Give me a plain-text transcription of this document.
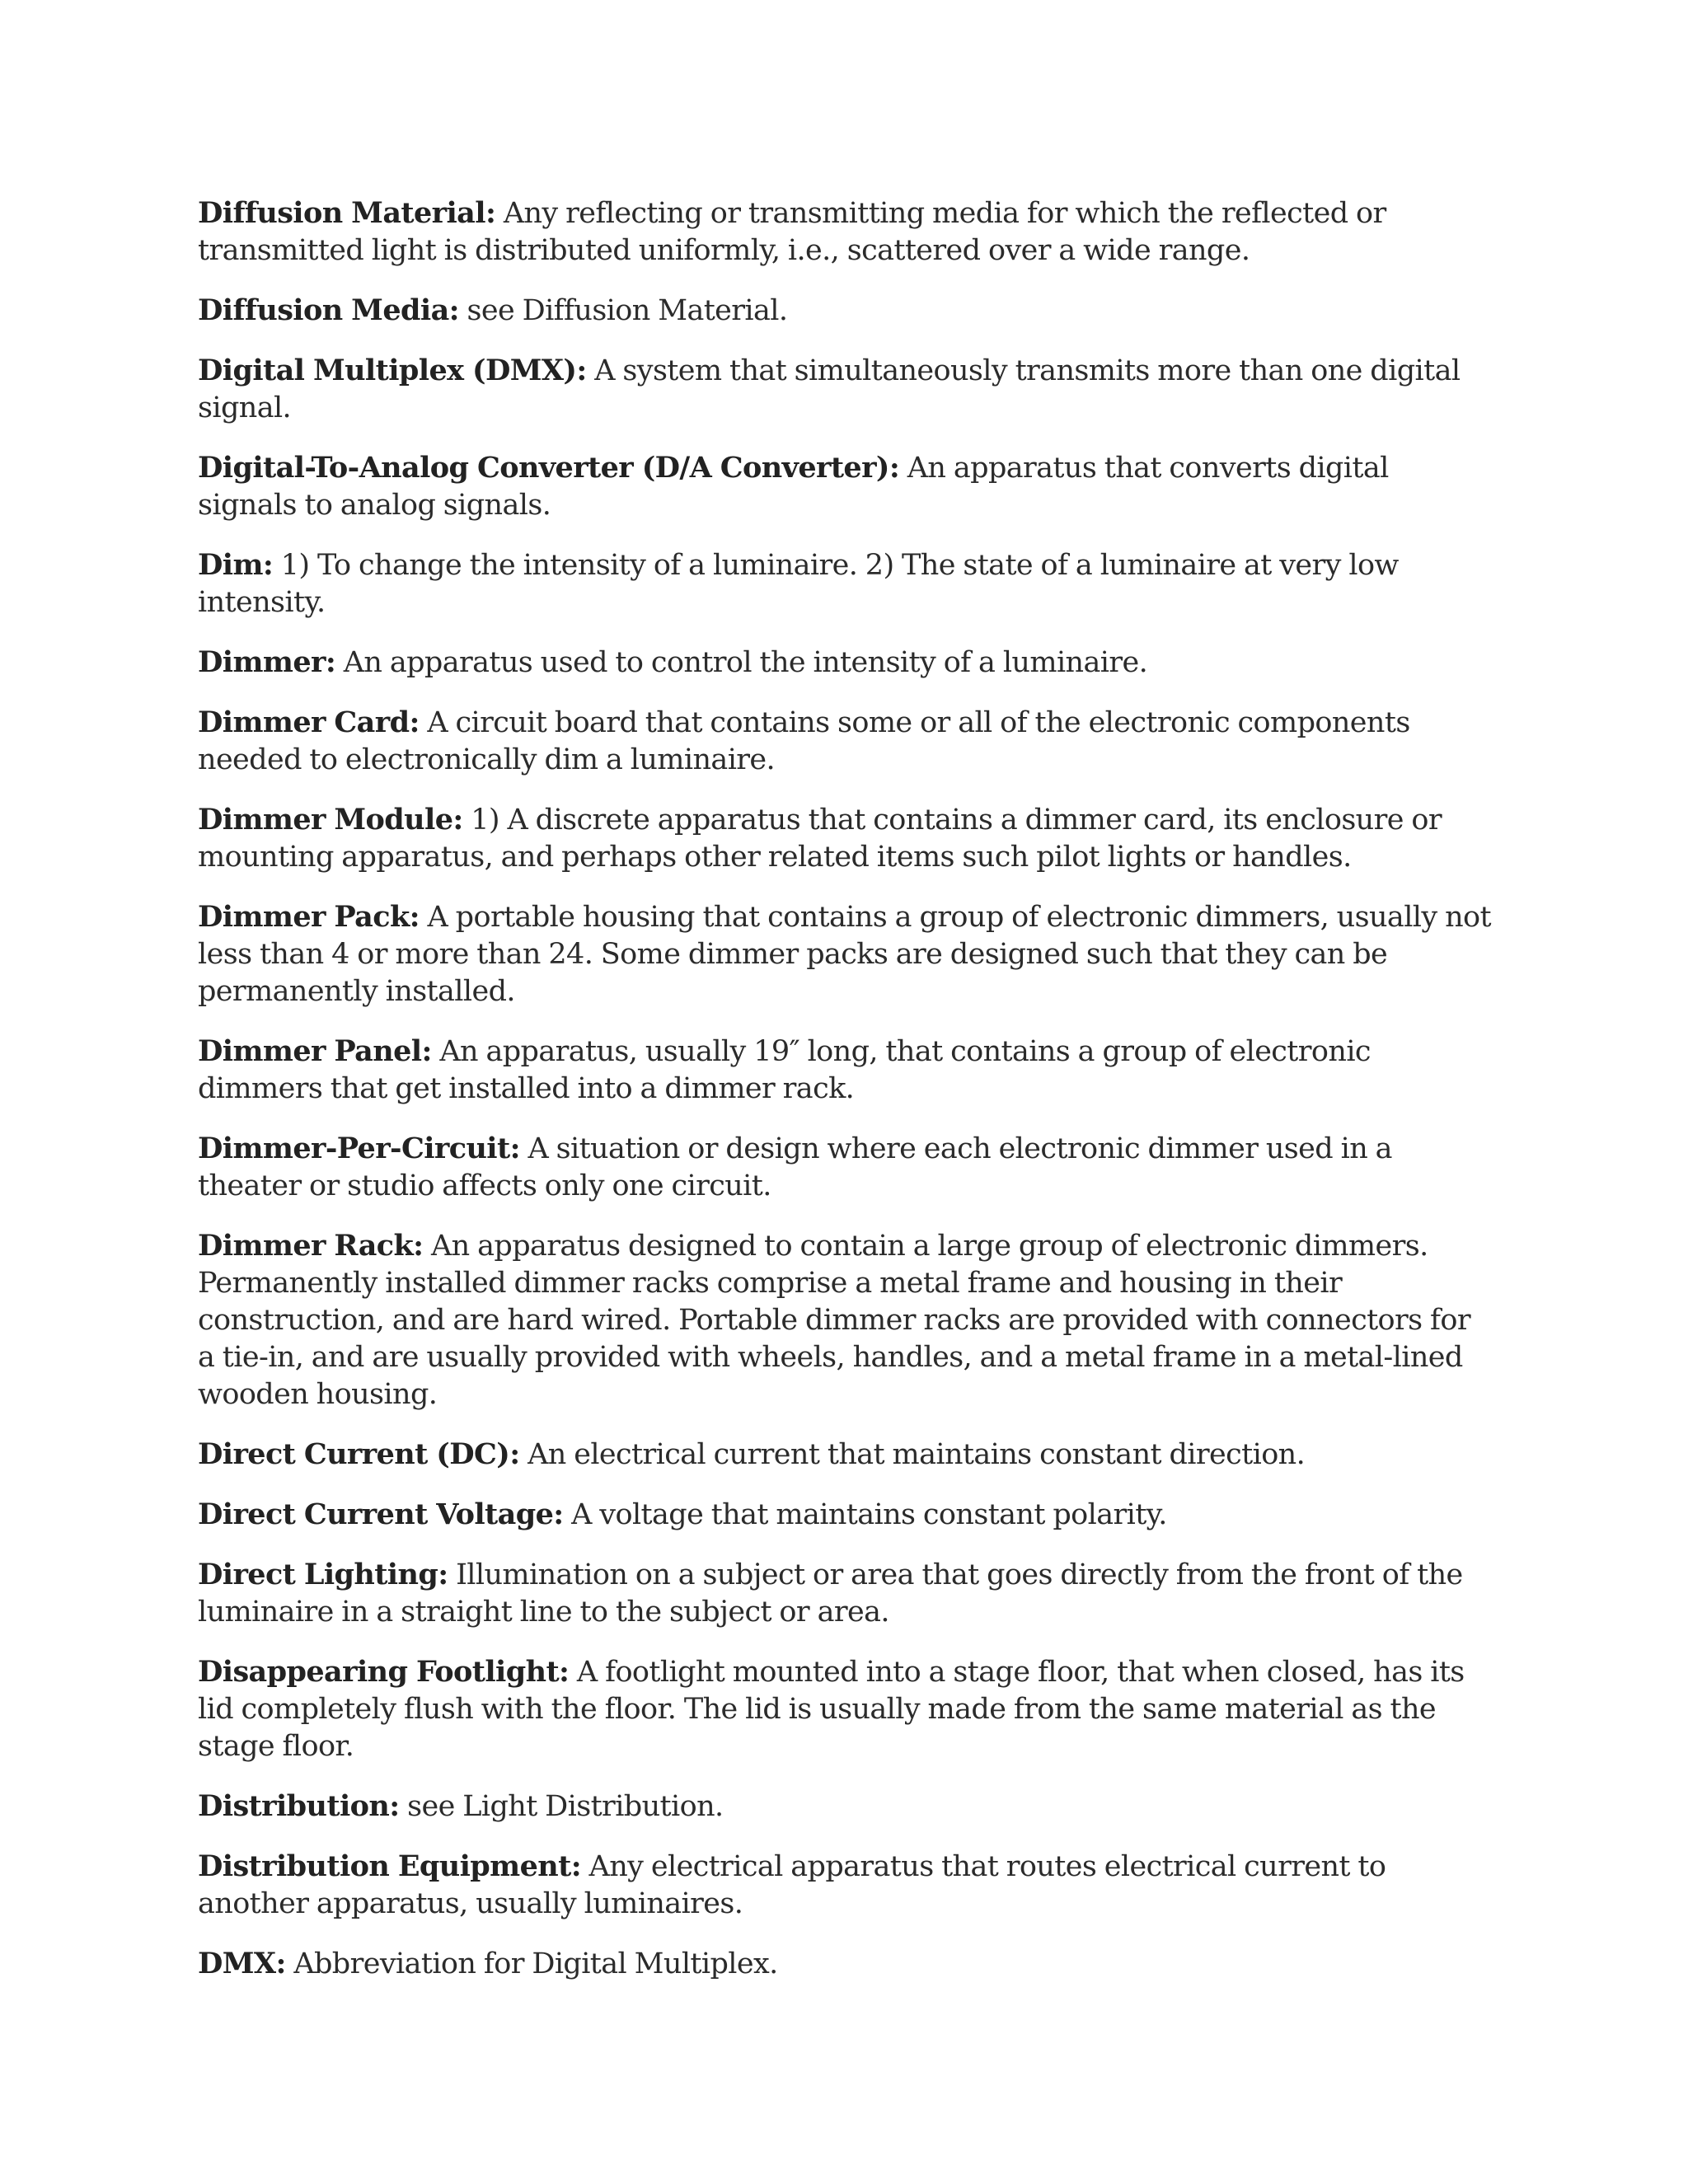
Diffusion Material: Any reflecting or transmitting media for which the reflected or transmitted light is distributed uniformly, i.e., scattered over a wide range.

Diffusion Media: see Diffusion Material.

Digital Multiplex (DMX): A system that simultaneously transmits more than one digital signal.

Digital-To-Analog Converter (D/A Converter): An apparatus that converts digital signals to analog signals.

Dim: 1) To change the intensity of a luminaire. 2) The state of a luminaire at very low intensity.

Dimmer: An apparatus used to control the intensity of a luminaire.

Dimmer Card: A circuit board that contains some or all of the electronic components needed to electronically dim a luminaire.

Dimmer Module: 1) A discrete apparatus that contains a dimmer card, its enclosure or mounting apparatus, and perhaps other related items such pilot lights or handles.

Dimmer Pack: A portable housing that contains a group of electronic dimmers, usually not less than 4 or more than 24. Some dimmer packs are designed such that they can be permanently installed.

Dimmer Panel: An apparatus, usually 19″ long, that contains a group of electronic dimmers that get installed into a dimmer rack.

Dimmer-Per-Circuit: A situation or design where each electronic dimmer used in a theater or studio affects only one circuit.

Dimmer Rack: An apparatus designed to contain a large group of electronic dimmers. Permanently installed dimmer racks comprise a metal frame and housing in their construction, and are hard wired. Portable dimmer racks are provided with connectors for a tie-in, and are usually provided with wheels, handles, and a metal frame in a metal-lined wooden housing.

Direct Current (DC): An electrical current that maintains constant direction.

Direct Current Voltage: A voltage that maintains constant polarity.

Direct Lighting: Illumination on a subject or area that goes directly from the front of the luminaire in a straight line to the subject or area.

Disappearing Footlight: A footlight mounted into a stage floor, that when closed, has its lid completely flush with the floor. The lid is usually made from the same material as the stage floor.

Distribution: see Light Distribution.

Distribution Equipment: Any electrical apparatus that routes electrical current to another apparatus, usually luminaires.

DMX: Abbreviation for Digital Multiplex.
